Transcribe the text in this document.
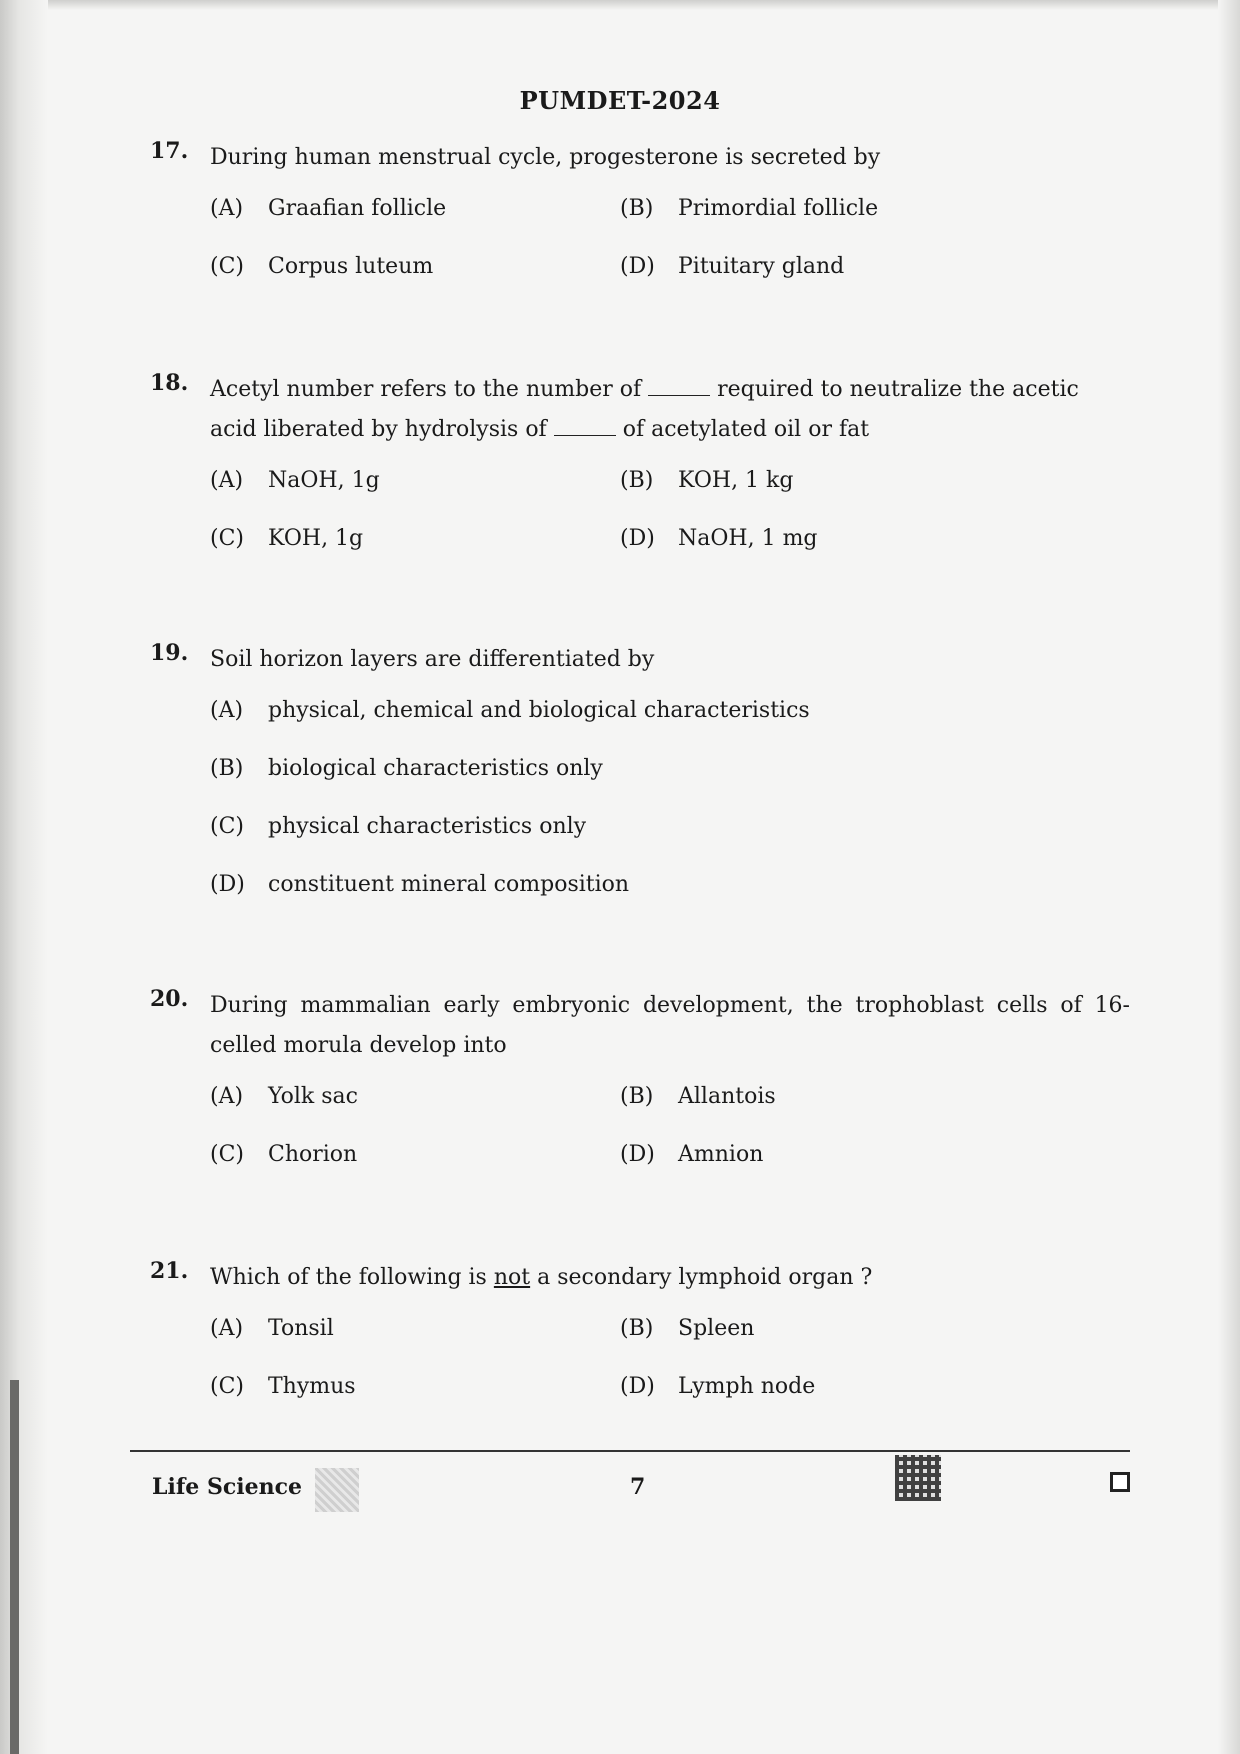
PUMDET-2024
17. During human menstrual cycle, progesterone is secreted by
(A) Graafian follicle	(B) Primordial follicle
(C) Corpus luteum	(D) Pituitary gland
18. Acetyl number refers to the number of	required to neutralize the acetic acid liberated by hydrolysis of	of acetylated oil or fat
(A) NaOH, 1g	(B) KOH, 1 kg
(C) KOH, 1g	(D) NaOH, 1 mg
19. Soil horizon layers are differentiated by
(A) physical, chemical and biological characteristics
(B) biological characteristics only
(C) physical characteristics only
(D) constituent mineral composition
20. During mammalian early embryonic development, the trophoblast cells of 16-celled morula develop into
(A) Yolk sac	(B) Allantois
(C) Chorion	(D) Amnion
21. Which of the following is not a secondary lymphoid organ ?
(A) Tonsil	(B) Spleen
(C) Thymus	(D) Lymph node
Life Science	7
